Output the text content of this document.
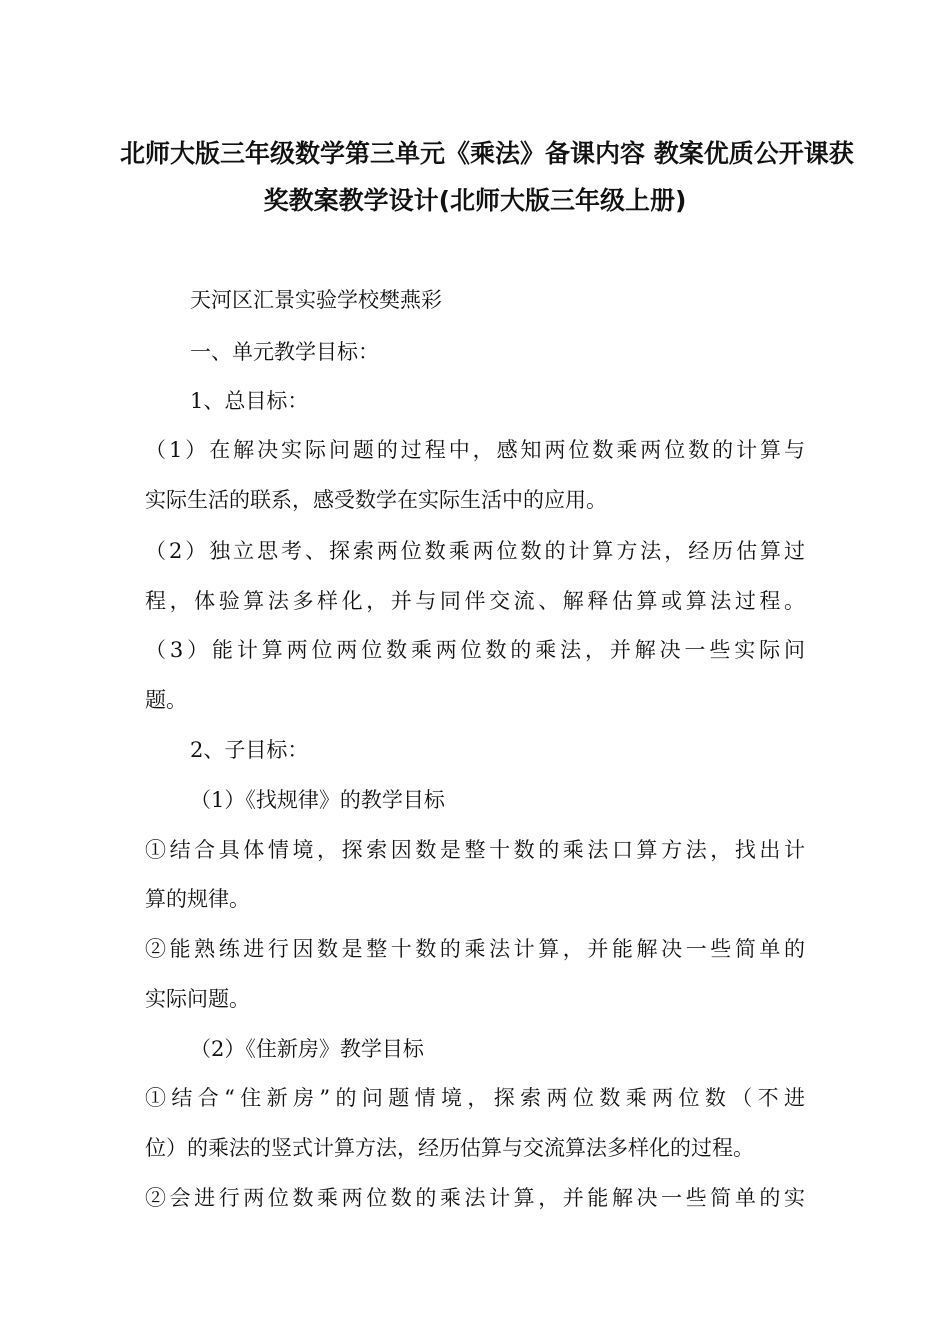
北师大版三年级数学第三单元《乘法》备课内容 教案优质公开课获
奖教案教学设计(北师大版三年级上册)
天河区汇景实验学校樊燕彩
一、单元教学目标：
1、总目标：
（1）在解决实际问题的过程中，感知两位数乘两位数的计算与
实际生活的联系，感受数学在实际生活中的应用。
（2）独立思考、探索两位数乘两位数的计算方法，经历估算过
程，体验算法多样化，并与同伴交流、解释估算或算法过程。
（3）能计算两位两位数乘两位数的乘法，并解决一些实际问
题。
2、子目标：
（1）《找规律》的教学目标
①结合具体情境，探索因数是整十数的乘法口算方法，找出计
算的规律。
②能熟练进行因数是整十数的乘法计算，并能解决一些简单的
实际问题。
（2）《住新房》教学目标
①结合“住新房”的问题情境，探索两位数乘两位数（不进
位）的乘法的竖式计算方法，经历估算与交流算法多样化的过程。
②会进行两位数乘两位数的乘法计算，并能解决一些简单的实
